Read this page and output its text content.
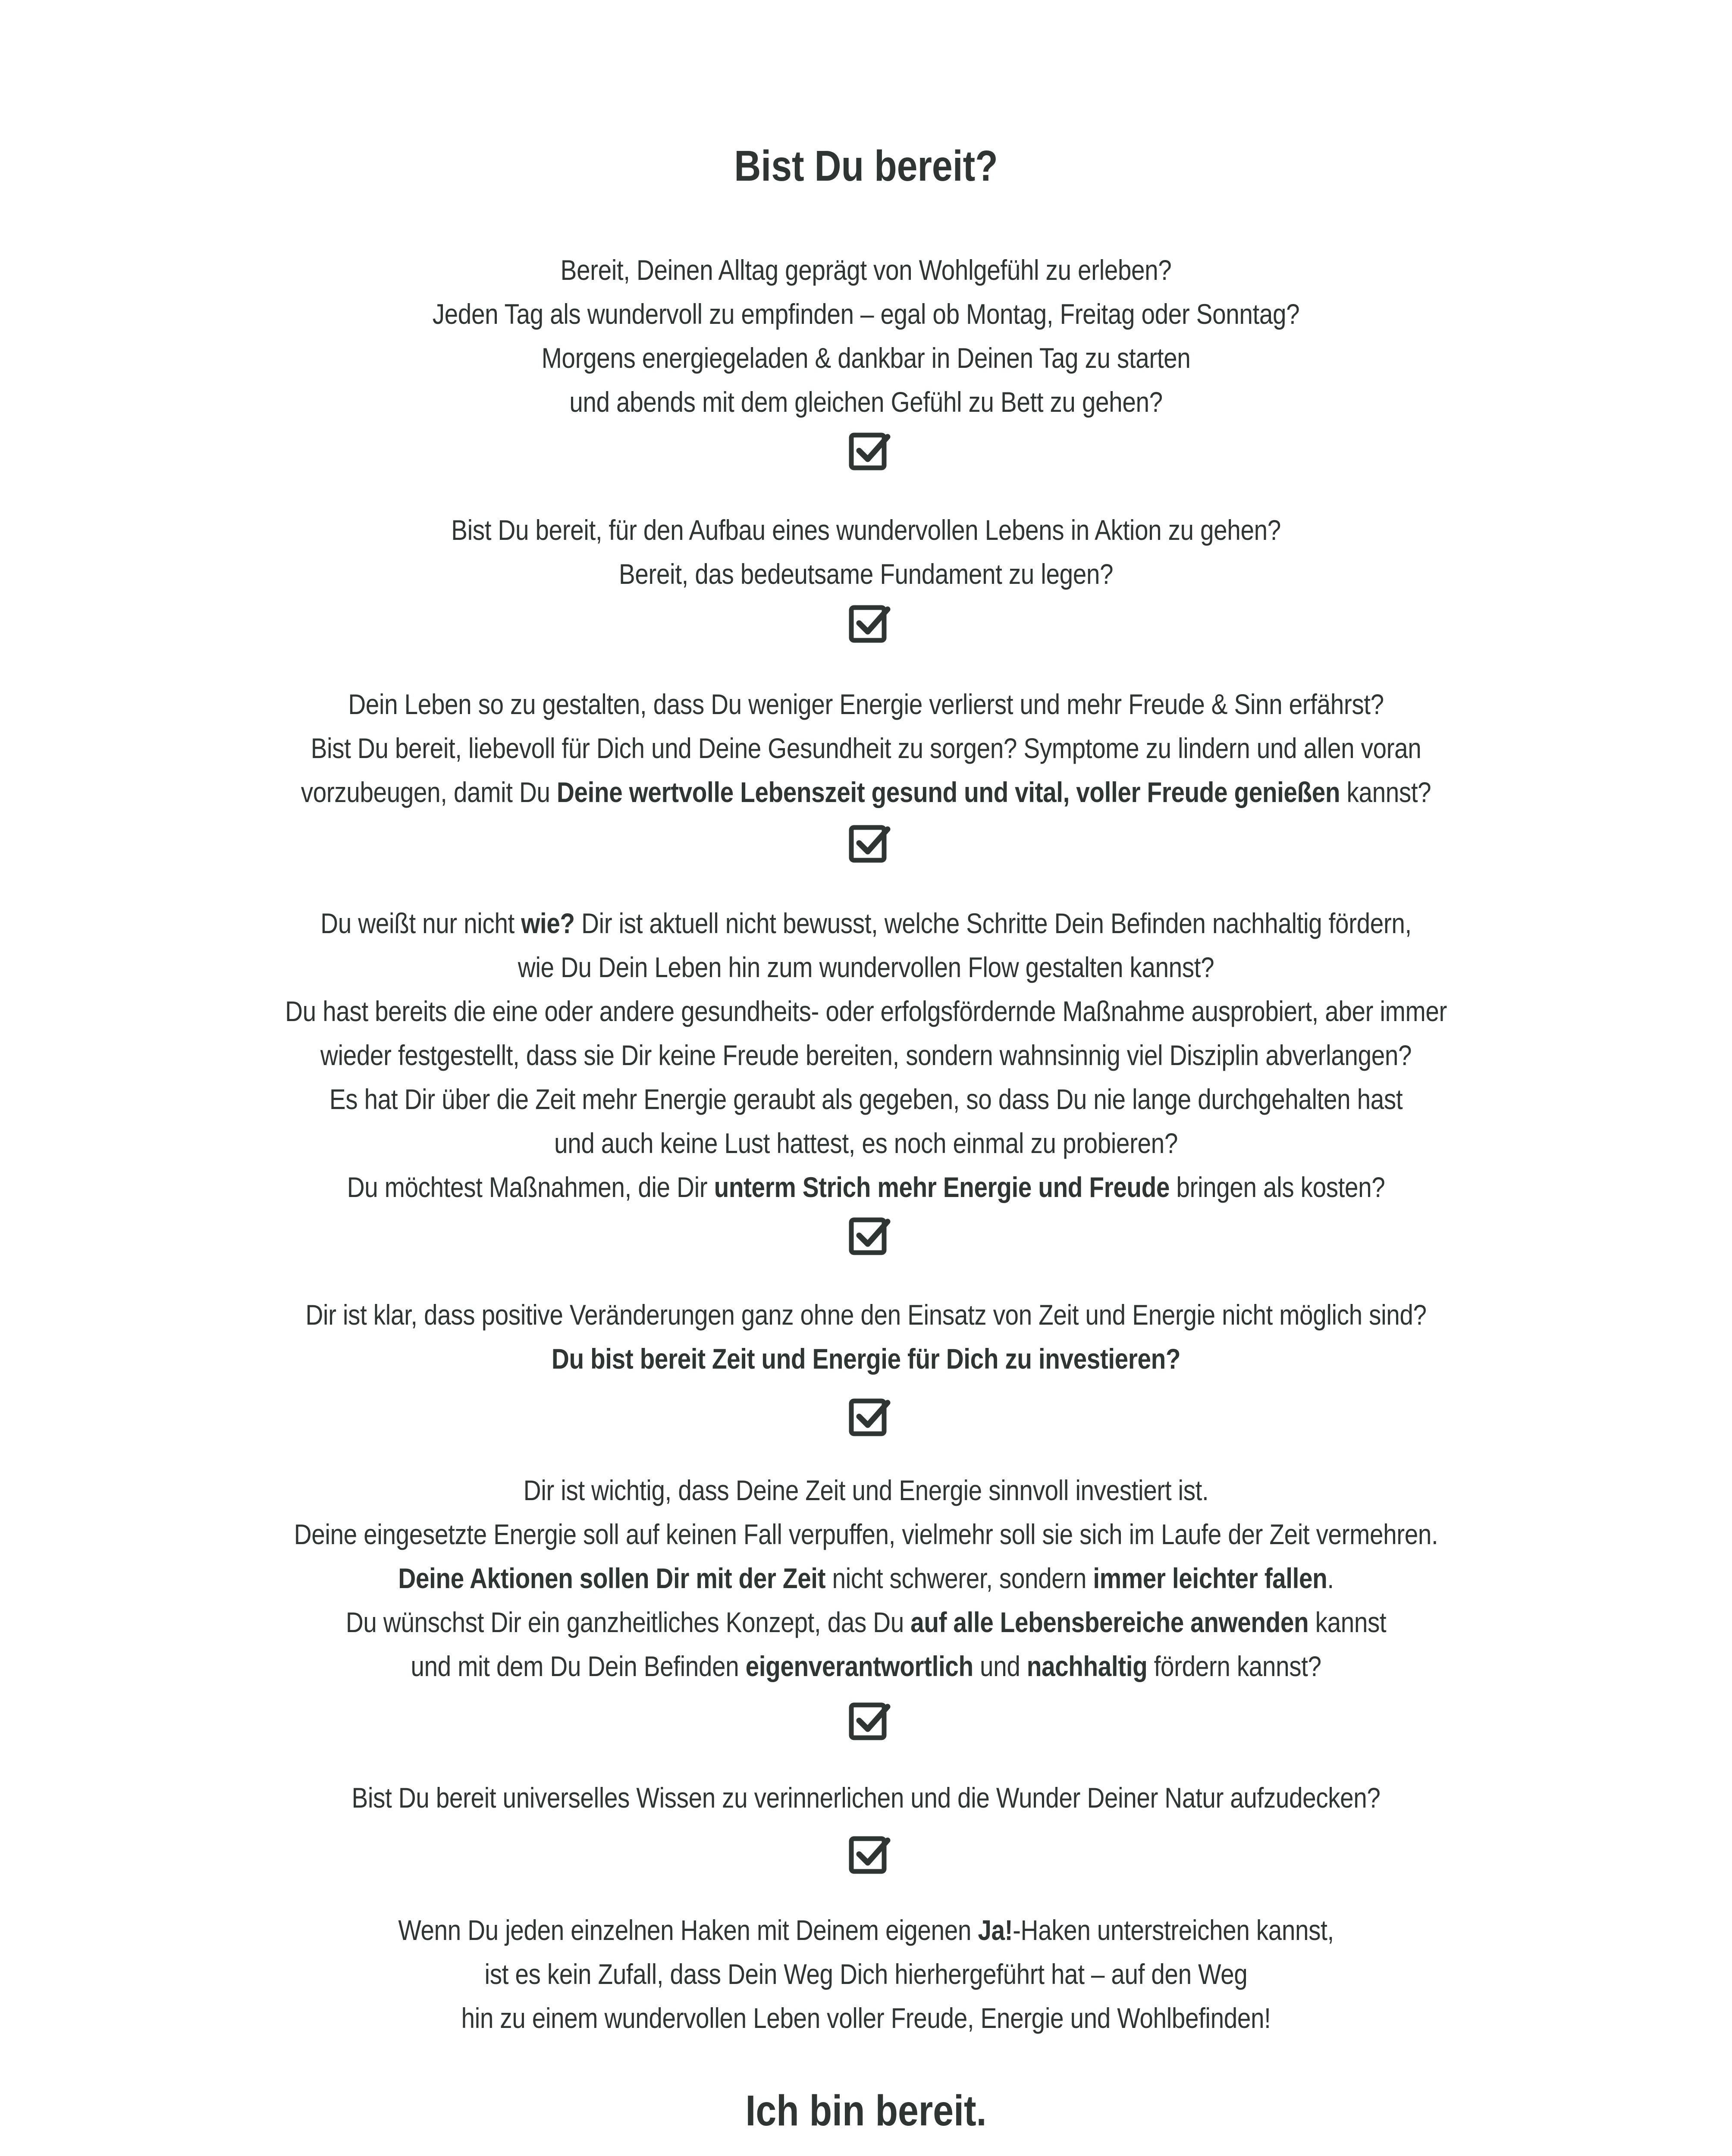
Bist Du bereit?

Bereit, Deinen Alltag geprägt von Wohlgefühl zu erleben?
Jeden Tag als wundervoll zu empfinden – egal ob Montag, Freitag oder Sonntag?
Morgens energiegeladen & dankbar in Deinen Tag zu starten
und abends mit dem gleichen Gefühl zu Bett zu gehen?

Bist Du bereit, für den Aufbau eines wundervollen Lebens in Aktion zu gehen?
Bereit, das bedeutsame Fundament zu legen?

Dein Leben so zu gestalten, dass Du weniger Energie verlierst und mehr Freude & Sinn erfährst?
Bist Du bereit, liebevoll für Dich und Deine Gesundheit zu sorgen? Symptome zu lindern und allen voran
vorzubeugen, damit Du Deine wertvolle Lebenszeit gesund und vital, voller Freude genießen kannst?

Du weißt nur nicht wie? Dir ist aktuell nicht bewusst, welche Schritte Dein Befinden nachhaltig fördern,
wie Du Dein Leben hin zum wundervollen Flow gestalten kannst?
Du hast bereits die eine oder andere gesundheits- oder erfolgsfördernde Maßnahme ausprobiert, aber immer
wieder festgestellt, dass sie Dir keine Freude bereiten, sondern wahnsinnig viel Disziplin abverlangen?
Es hat Dir über die Zeit mehr Energie geraubt als gegeben, so dass Du nie lange durchgehalten hast
und auch keine Lust hattest, es noch einmal zu probieren?
Du möchtest Maßnahmen, die Dir unterm Strich mehr Energie und Freude bringen als kosten?

Dir ist klar, dass positive Veränderungen ganz ohne den Einsatz von Zeit und Energie nicht möglich sind?
Du bist bereit Zeit und Energie für Dich zu investieren?

Dir ist wichtig, dass Deine Zeit und Energie sinnvoll investiert ist.
Deine eingesetzte Energie soll auf keinen Fall verpuffen, vielmehr soll sie sich im Laufe der Zeit vermehren.
Deine Aktionen sollen Dir mit der Zeit nicht schwerer, sondern immer leichter fallen.
Du wünschst Dir ein ganzheitliches Konzept, das Du auf alle Lebensbereiche anwenden kannst
und mit dem Du Dein Befinden eigenverantwortlich und nachhaltig fördern kannst?

Bist Du bereit universelles Wissen zu verinnerlichen und die Wunder Deiner Natur aufzudecken?

Wenn Du jeden einzelnen Haken mit Deinem eigenen Ja!-Haken unterstreichen kannst,
ist es kein Zufall, dass Dein Weg Dich hierhergeführt hat – auf den Weg
hin zu einem wundervollen Leben voller Freude, Energie und Wohlbefinden!

Ich bin bereit.
